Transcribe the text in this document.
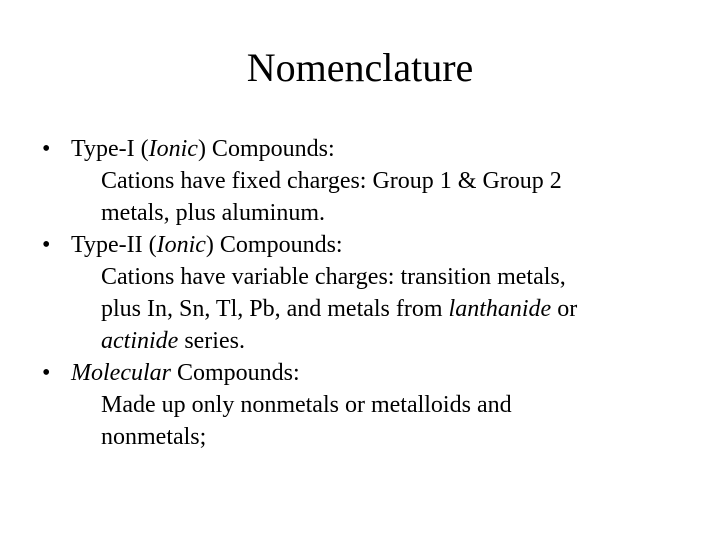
Nomenclature
• Type-I (Ionic) Compounds:
Cations have fixed charges: Group 1 & Group 2
metals, plus aluminum.
• Type-II (Ionic) Compounds:
Cations have variable charges: transition metals,
plus In, Sn, Tl, Pb, and metals from lanthanide or
actinide series.
• Molecular Compounds:
Made up only nonmetals or metalloids and
nonmetals;
